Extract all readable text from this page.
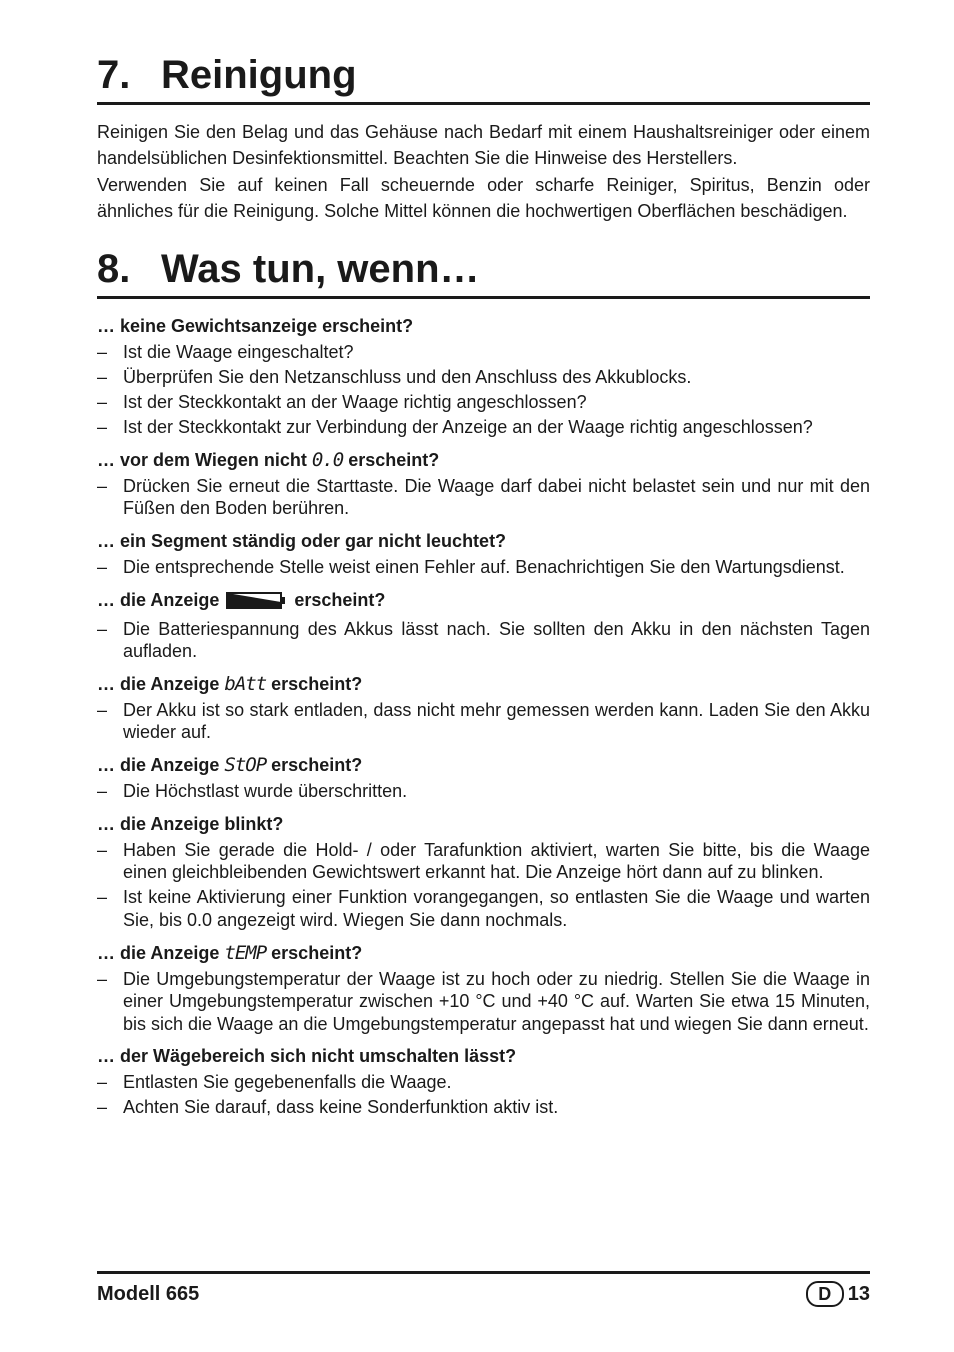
7. Reinigung
Reinigen Sie den Belag und das Gehäuse nach Bedarf mit einem Haushaltsreiniger oder einem handelsüblichen Desinfektionsmittel. Beachten Sie die Hinweise des Herstellers.
Verwenden Sie auf keinen Fall scheuernde oder scharfe Reiniger, Spiritus, Benzin oder ähnliches für die Reinigung. Solche Mittel können die hochwertigen Oberflächen beschädigen.
8. Was tun, wenn…
… keine Gewichtsanzeige erscheint?
– Ist die Waage eingeschaltet?
– Überprüfen Sie den Netzanschluss und den Anschluss des Akkublocks.
– Ist der Steckkontakt an der Waage richtig angeschlossen?
– Ist der Steckkontakt zur Verbindung der Anzeige an der Waage richtig angeschlossen?
… vor dem Wiegen nicht 0.0 erscheint?
– Drücken Sie erneut die Starttaste. Die Waage darf dabei nicht belastet sein und nur mit den Füßen den Boden berühren.
… ein Segment ständig oder gar nicht leuchtet?
– Die entsprechende Stelle weist einen Fehler auf. Benachrichtigen Sie den Wartungsdienst.
… die Anzeige	erscheint?
– Die Batteriespannung des Akkus lässt nach. Sie sollten den Akku in den nächsten Tagen aufladen.
… die Anzeige bAtt erscheint?
– Der Akku ist so stark entladen, dass nicht mehr gemessen werden kann. Laden Sie den Akku wieder auf.
… die Anzeige StOP erscheint?
– Die Höchstlast wurde überschritten.
… die Anzeige blinkt?
– Haben Sie gerade die Hold- / oder Tarafunktion aktiviert, warten Sie bitte, bis die Waage einen gleichbleibenden Gewichtswert erkannt hat. Die Anzeige hört dann auf zu blinken.
– Ist keine Aktivierung einer Funktion vorangegangen, so entlasten Sie die Waage und warten Sie, bis 0.0 angezeigt wird. Wiegen Sie dann nochmals.
… die Anzeige tEMP erscheint?
– Die Umgebungstemperatur der Waage ist zu hoch oder zu niedrig. Stellen Sie die Waage in einer Umgebungstemperatur zwischen +10 °C und +40 °C auf. Warten Sie etwa 15 Minuten, bis sich die Waage an die Umgebungstemperatur angepasst hat und wiegen Sie dann erneut.
… der Wägebereich sich nicht umschalten lässt?
– Entlasten Sie gegebenenfalls die Waage.
– Achten Sie darauf, dass keine Sonderfunktion aktiv ist.
Modell 665	D 13
